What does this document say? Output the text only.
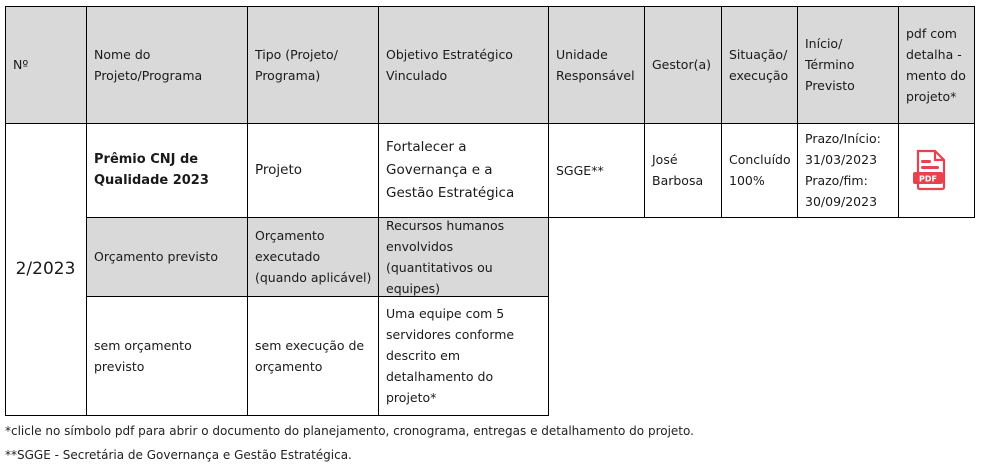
Nº
Nome do Projeto/Programa
Tipo (Projeto/ Programa)
Objetivo Estratégico Vinculado
Unidade Responsável
Gestor(a)
Situação/ execução
Início/ Término Previsto
pdf com detalha - mento do projeto*
2/2023
Prêmio CNJ de Qualidade 2023
Projeto
Fortalecer a Governança e a Gestão Estratégica
SGGE**
José Barbosa
Concluído 100%
Prazo/Início:
31/03/2023
Prazo/fim:
30/09/2023
PDF
Orçamento previsto
Orçamento executado (quando aplicável)
Recursos humanos envolvidos (quantitativos ou equipes)
sem orçamento previsto
sem execução de orçamento
Uma equipe com 5 servidores conforme descrito em detalhamento do projeto*
*clicle no símbolo pdf para abrir o documento do planejamento, cronograma, entregas e detalhamento do projeto.
**SGGE - Secretária de Governança e Gestão Estratégica.
